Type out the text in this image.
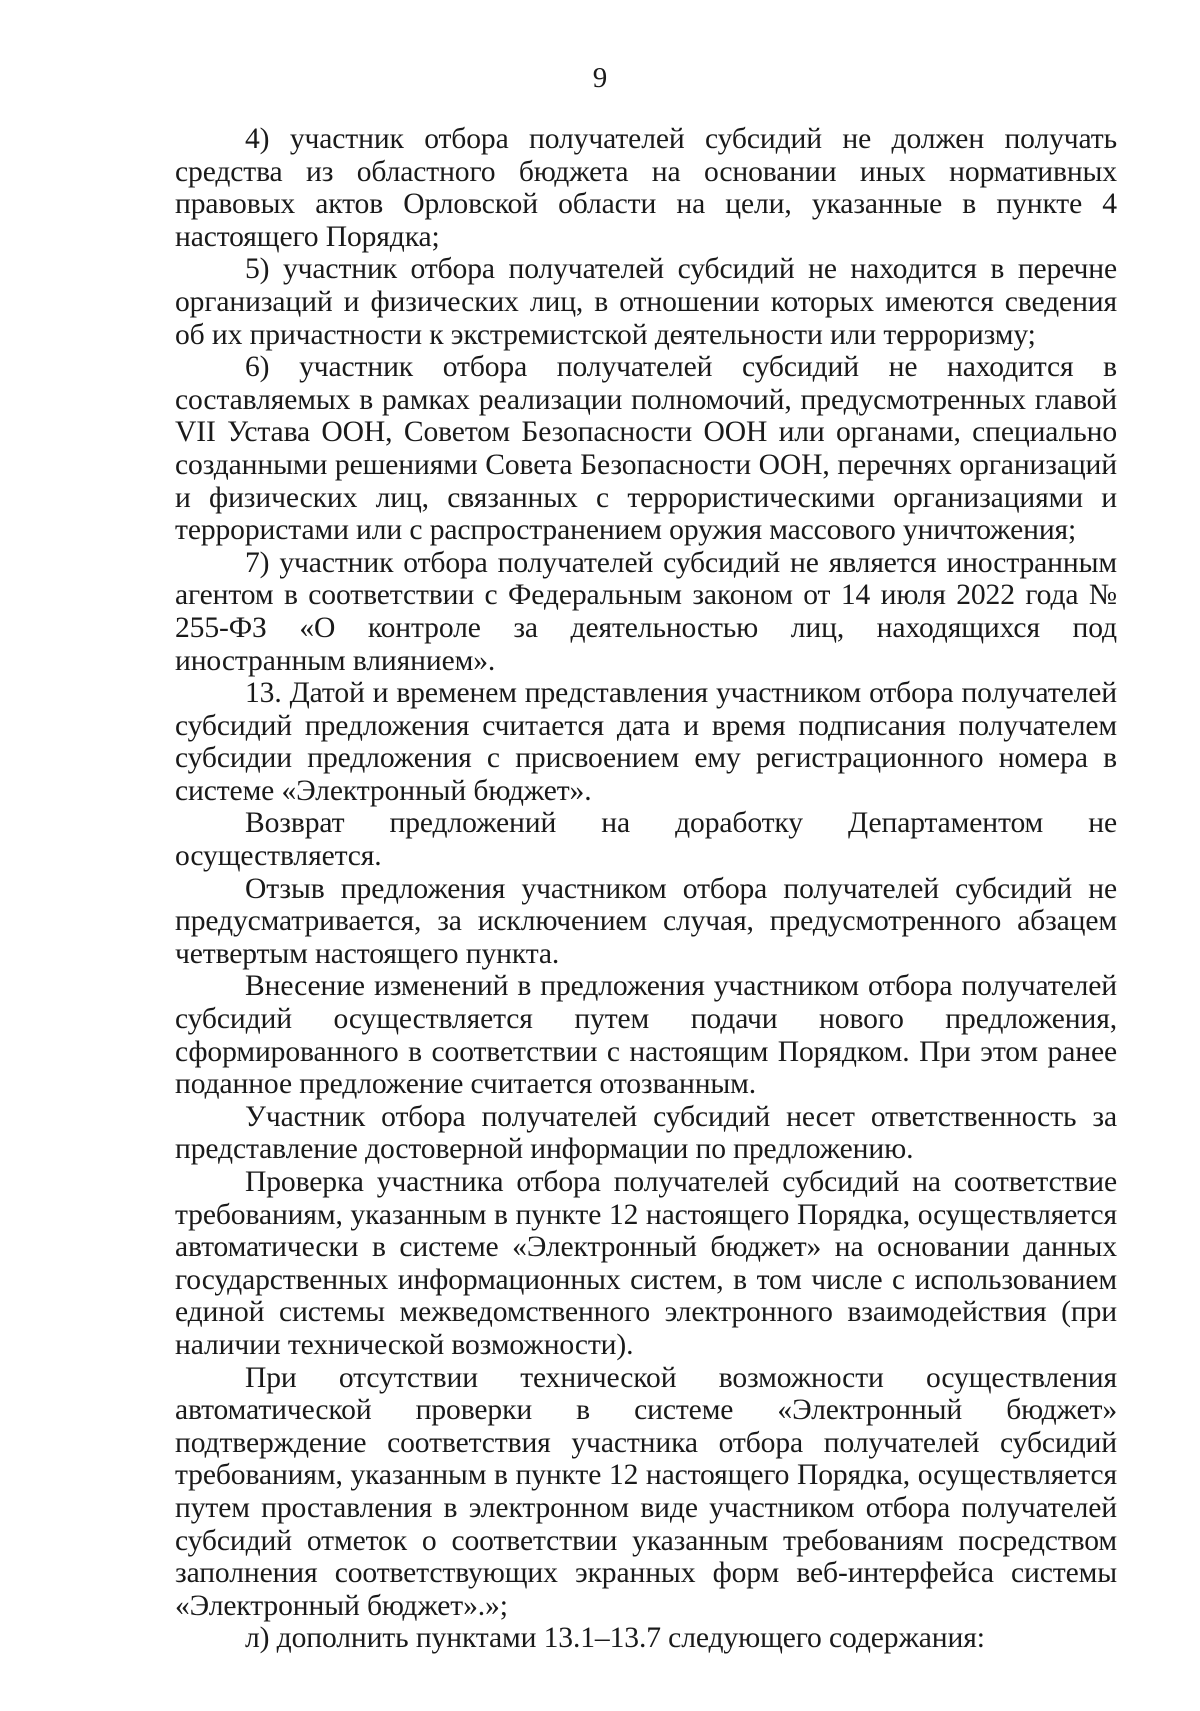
9

4) участник отбора получателей субсидий не должен получать средства из областного бюджета на основании иных нормативных правовых актов Орловской области на цели, указанные в пункте 4 настоящего Порядка;

5) участник отбора получателей субсидий не находится в перечне организаций и физических лиц, в отношении которых имеются сведения об их причастности к экстремистской деятельности или терроризму;

6) участник отбора получателей субсидий не находится в составляемых в рамках реализации полномочий, предусмотренных главой VII Устава ООН, Советом Безопасности ООН или органами, специально созданными решениями Совета Безопасности ООН, перечнях организаций и физических лиц, связанных с террористическими организациями и террористами или с распространением оружия массового уничтожения;

7) участник отбора получателей субсидий не является иностранным агентом в соответствии с Федеральным законом от 14 июля 2022 года № 255-ФЗ «О контроле за деятельностью лиц, находящихся под иностранным влиянием».

13. Датой и временем представления участником отбора получателей субсидий предложения считается дата и время подписания получателем субсидии предложения с присвоением ему регистрационного номера в системе «Электронный бюджет».

Возврат предложений на доработку Департаментом не осуществляется.

Отзыв предложения участником отбора получателей субсидий не предусматривается, за исключением случая, предусмотренного абзацем четвертым настоящего пункта.

Внесение изменений в предложения участником отбора получателей субсидий осуществляется путем подачи нового предложения, сформированного в соответствии с настоящим Порядком. При этом ранее поданное предложение считается отозванным.

Участник отбора получателей субсидий несет ответственность за представление достоверной информации по предложению.

Проверка участника отбора получателей субсидий на соответствие требованиям, указанным в пункте 12 настоящего Порядка, осуществляется автоматически в системе «Электронный бюджет» на основании данных государственных информационных систем, в том числе с использованием единой системы межведомственного электронного взаимодействия (при наличии технической возможности).

При отсутствии технической возможности осуществления автоматической проверки в системе «Электронный бюджет» подтверждение соответствия участника отбора получателей субсидий требованиям, указанным в пункте 12 настоящего Порядка, осуществляется путем проставления в электронном виде участником отбора получателей субсидий отметок о соответствии указанным требованиям посредством заполнения соответствующих экранных форм веб-интерфейса системы «Электронный бюджет».»;

л) дополнить пунктами 13.1–13.7 следующего содержания:
